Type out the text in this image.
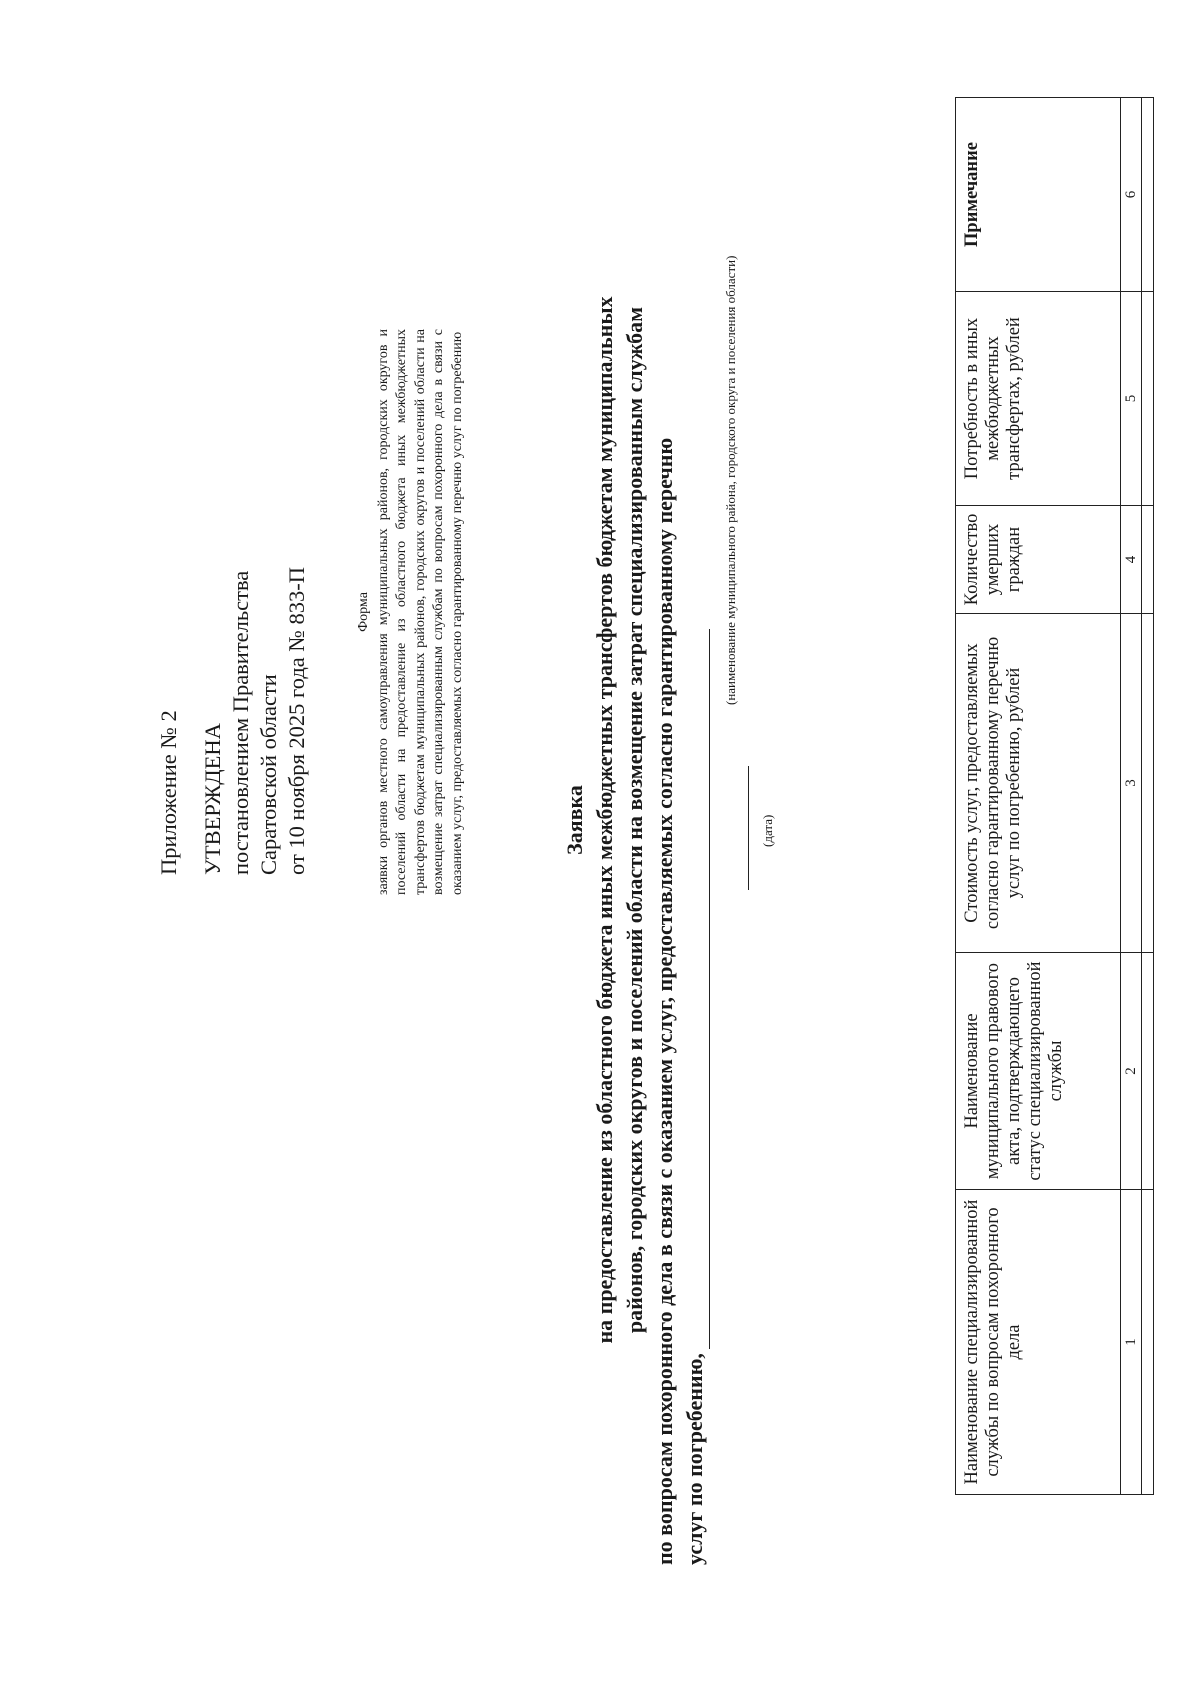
Приложение № 2 УТВЕРЖДЕНА постановлением Правительства Саратовской области от 10 ноября 2025 года № 833-П	Форма заявки органов местного самоуправления муниципальных районов, городских округов и поселений области на предоставление из областного бюджета иных межбюджетных трансфертов бюджетам муниципальных районов, городских округов и поселений области на возмещение затрат специализированным службам по вопросам похоронного дела в связи с оказанием услуг, предоставляемых согласно гарантированному перечню услуг по погребению	Заявка на предоставление из областного бюджета иных межбюджетных трансфертов бюджетам муниципальных районов, городских округов и поселений области на возмещение затрат специализированным службам по вопросам похоронного дела в связи с оказанием услуг, предоставляемых согласно гарантированному перечню услуг по погребению,
(наименование муниципального района, городского округа и поселения области)
(дата)
Наименование специализированной службы по вопросам похоронного дела	Наименование муниципального правового акта, подтверждающего статус специализированной службы	Стоимость услуг, предоставляемых согласно гарантированному перечню услуг по погребению, рублей	Количество умерших граждан	Потребность в иных межбюджетных трансфертах, рублей	Примечание
1	2	3	4	5	6
